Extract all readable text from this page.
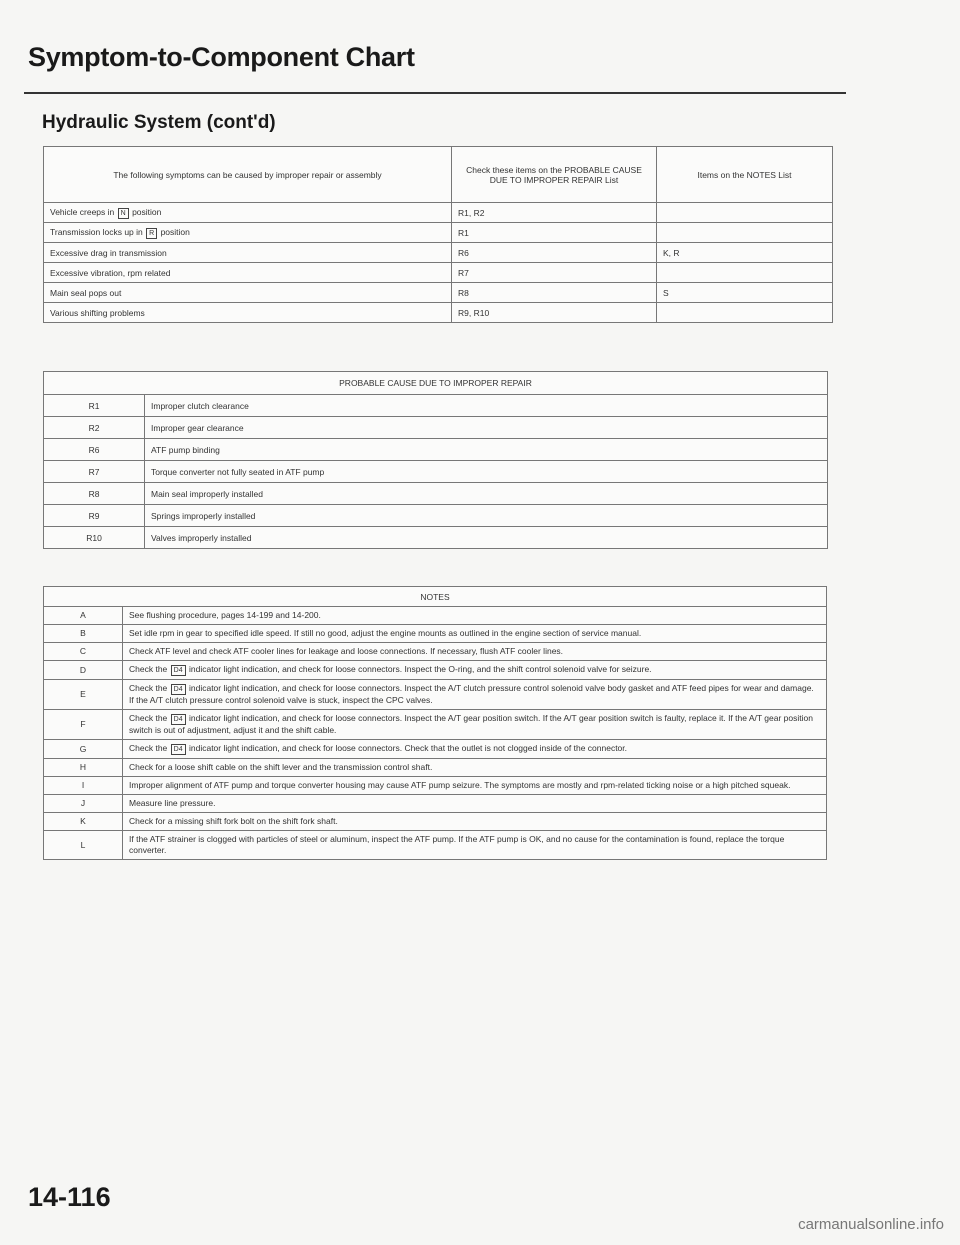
Symptom-to-Component Chart
Hydraulic System (cont'd)
The following symptoms can be caused by improper repair or assembly	Check these items on the PROBABLE CAUSE DUE TO IMPROPER REPAIR List	Items on the NOTES List
Vehicle creeps in N position	R1, R2	
Transmission locks up in R position	R1	
Excessive drag in transmission	R6	K, R
Excessive vibration, rpm related	R7	
Main seal pops out	R8	S
Various shifting problems	R9, R10	
PROBABLE CAUSE DUE TO IMPROPER REPAIR	
R1	Improper clutch clearance
R2	Improper gear clearance
R6	ATF pump binding
R7	Torque converter not fully seated in ATF pump
R8	Main seal improperly installed
R9	Springs improperly installed
R10	Valves improperly installed
NOTES	
A	See flushing procedure, pages 14-199 and 14-200.
B	Set idle rpm in gear to specified idle speed. If still no good, adjust the engine mounts as outlined in the engine section of service manual.
C	Check ATF level and check ATF cooler lines for leakage and loose connections. If necessary, flush ATF cooler lines.
D	Check the D4 indicator light indication, and check for loose connectors. Inspect the O-ring, and the shift control solenoid valve for seizure.
E	Check the D4 indicator light indication, and check for loose connectors. Inspect the A/T clutch pressure control solenoid valve body gasket and ATF feed pipes for wear and damage. If the A/T clutch pressure control solenoid valve is stuck, inspect the CPC valves.
F	Check the D4 indicator light indication, and check for loose connectors. Inspect the A/T gear position switch. If the A/T gear position switch is faulty, replace it. If the A/T gear position switch is out of adjustment, adjust it and the shift cable.
G	Check the D4 indicator light indication, and check for loose connectors. Check that the outlet is not clogged inside of the connector.
H	Check for a loose shift cable on the shift lever and the transmission control shaft.
I	Improper alignment of ATF pump and torque converter housing may cause ATF pump seizure. The symptoms are mostly and rpm-related ticking noise or a high pitched squeak.
J	Measure line pressure.
K	Check for a missing shift fork bolt on the shift fork shaft.
L	If the ATF strainer is clogged with particles of steel or aluminum, inspect the ATF pump. If the ATF pump is OK, and no cause for the contamination is found, replace the torque converter.
14-116
carmanualsonline.info
